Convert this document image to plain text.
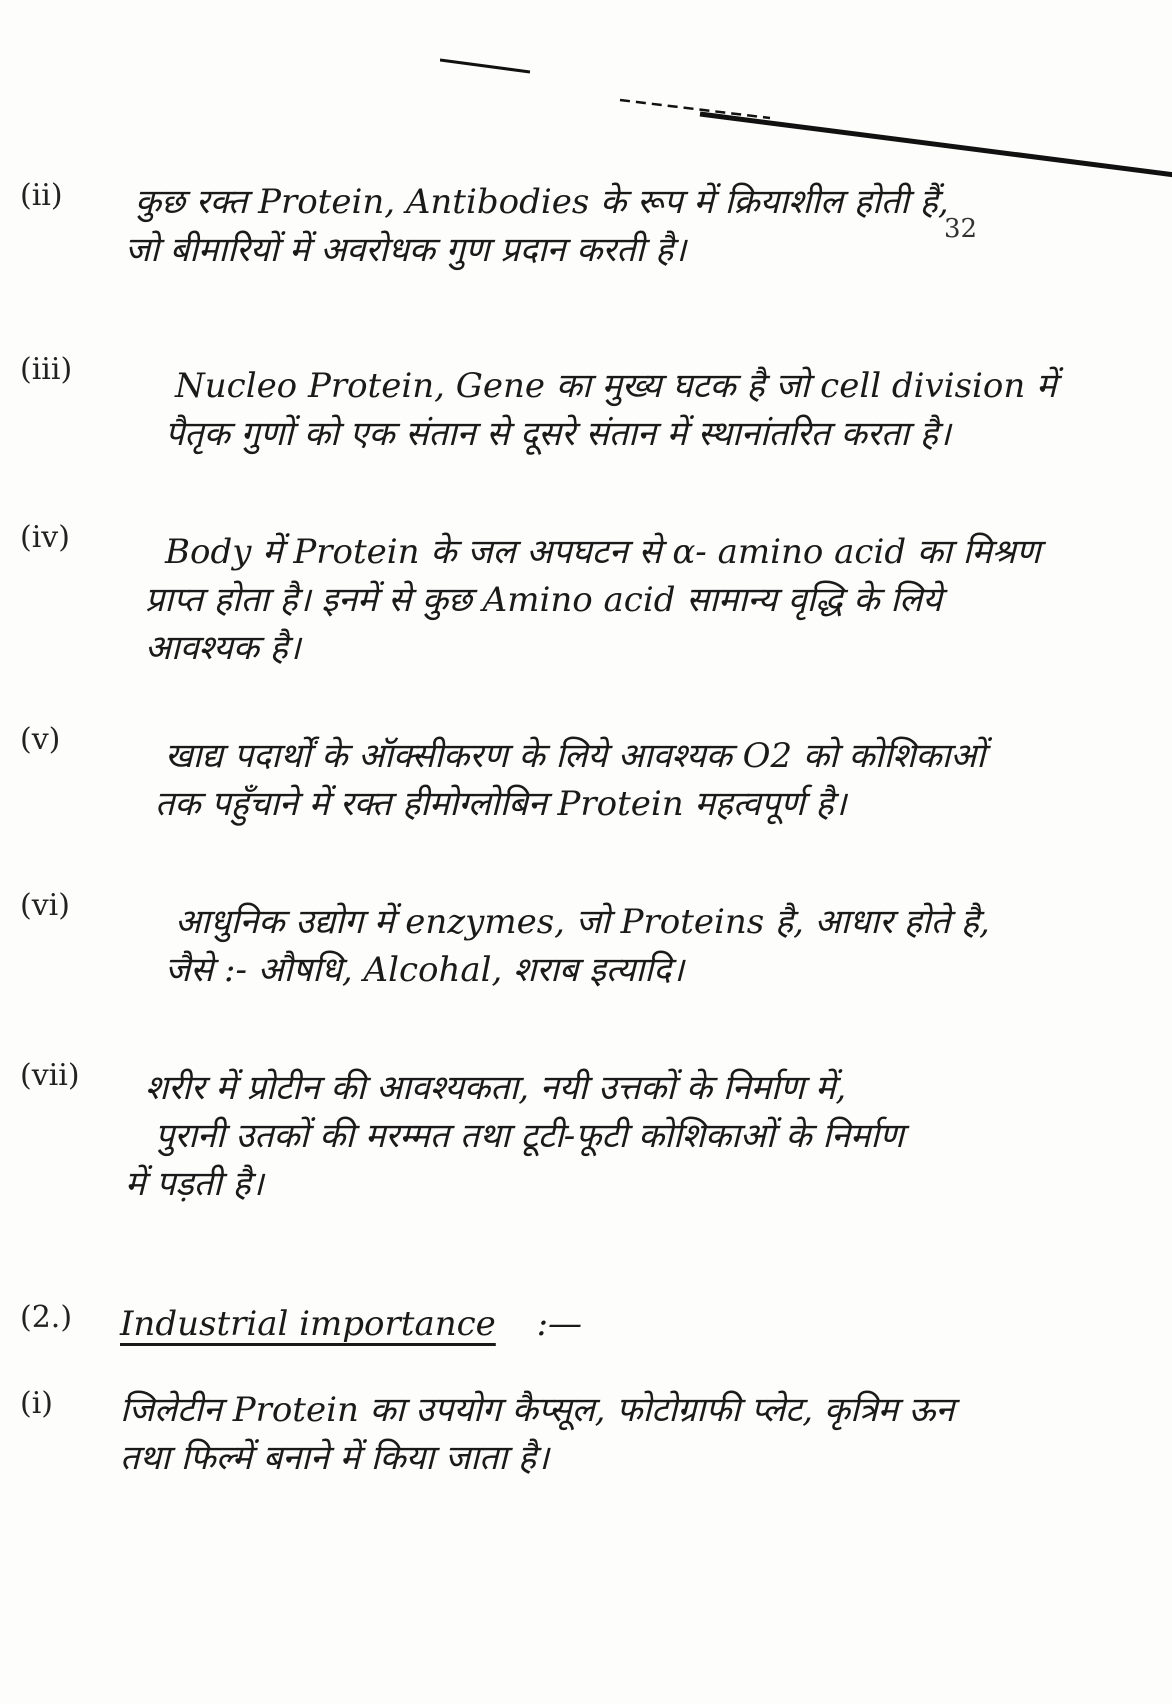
32
(ii)	कुछ रक्त Protein, Antibodies के रूप में क्रियाशील होती हैं,
जो बीमारियों में अवरोधक गुण प्रदान करती है।
(iii)	Nucleo Protein, Gene का मुख्य घटक है जो cell division में
पैतृक गुणों को एक संतान से दूसरे संतान में स्थानांतरित करता है।
(iv)	Body में Protein के जल अपघटन से α- amino acid का मिश्रण
प्राप्त होता है। इनमें से कुछ Amino acid सामान्य वृद्धि के लिये
आवश्यक है।
(v)	खाद्य पदार्थों के ऑक्सीकरण के लिये आवश्यक O2 को कोशिकाओं
तक पहुँचाने में रक्त हीमोग्लोबिन Protein महत्वपूर्ण है।
(vi)	आधुनिक उद्योग में enzymes, जो Proteins है, आधार होते है,
जैसे :- औषधि, Alcohal, शराब इत्यादि।
(vii)	शरीर में प्रोटीन की आवश्यकता, नयी उत्तकों के निर्माण में,
पुरानी उतकों की मरम्मत तथा टूटी-फूटी कोशिकाओं के निर्माण
में पड़ती है।
(2.)	Industrial importance :—
(i)	जिलेटीन Protein का उपयोग कैप्सूल, फोटोग्राफी प्लेट, कृत्रिम ऊन
तथा फिल्में बनाने में किया जाता है।
